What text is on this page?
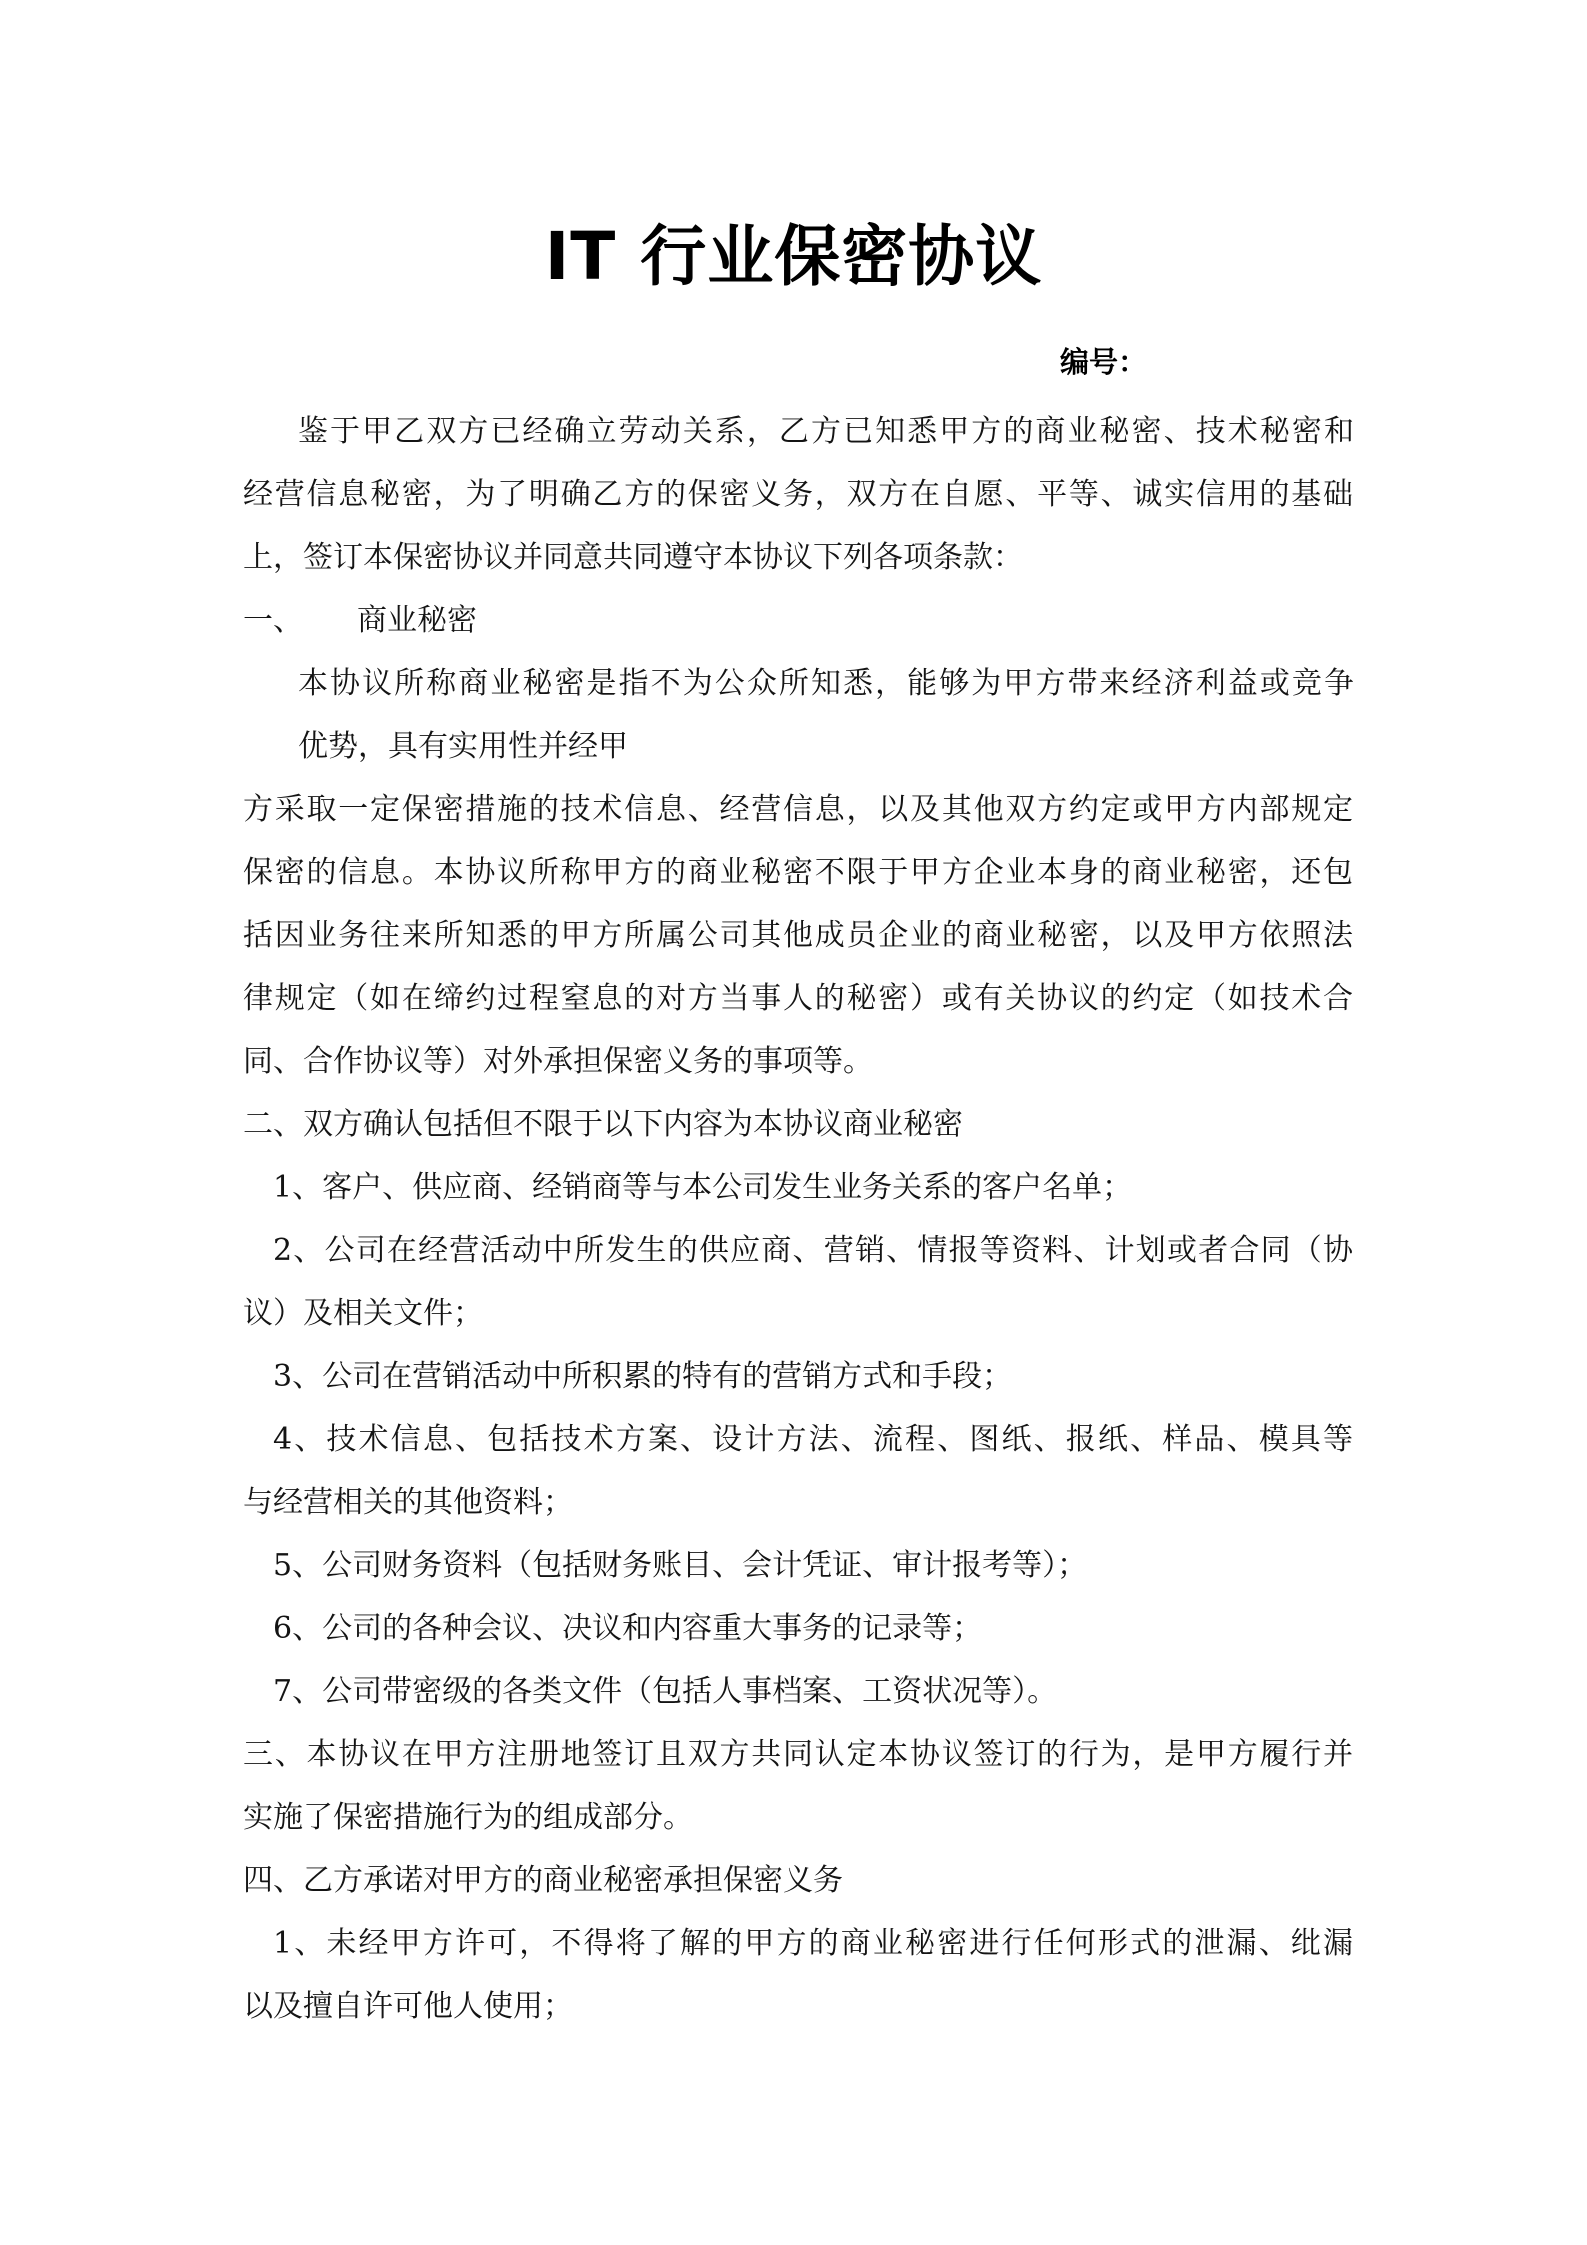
IT 行业保密协议
编号：
鉴于甲乙双方已经确立劳动关系，乙方已知悉甲方的商业秘密、技术秘密和
经营信息秘密，为了明确乙方的保密义务，双方在自愿、平等、诚实信用的基础
上，签订本保密协议并同意共同遵守本协议下列各项条款：
一、 商业秘密
本协议所称商业秘密是指不为公众所知悉，能够为甲方带来经济利益或竞争
优势，具有实用性并经甲
方采取一定保密措施的技术信息、经营信息，以及其他双方约定或甲方内部规定
保密的信息。本协议所称甲方的商业秘密不限于甲方企业本身的商业秘密，还包
括因业务往来所知悉的甲方所属公司其他成员企业的商业秘密，以及甲方依照法
律规定（如在缔约过程窒息的对方当事人的秘密）或有关协议的约定（如技术合
同、合作协议等）对外承担保密义务的事项等。
二、双方确认包括但不限于以下内容为本协议商业秘密
1、客户、供应商、经销商等与本公司发生业务关系的客户名单；
2、公司在经营活动中所发生的供应商、营销、情报等资料、计划或者合同（协
议）及相关文件；
3、公司在营销活动中所积累的特有的营销方式和手段；
4、技术信息、包括技术方案、设计方法、流程、图纸、报纸、样品、模具等
与经营相关的其他资料；
5、公司财务资料（包括财务账目、会计凭证、审计报考等）；
6、公司的各种会议、决议和内容重大事务的记录等；
7、公司带密级的各类文件（包括人事档案、工资状况等）。
三、本协议在甲方注册地签订且双方共同认定本协议签订的行为，是甲方履行并
实施了保密措施行为的组成部分。
四、乙方承诺对甲方的商业秘密承担保密义务
1、未经甲方许可，不得将了解的甲方的商业秘密进行任何形式的泄漏、纰漏
以及擅自许可他人使用；
